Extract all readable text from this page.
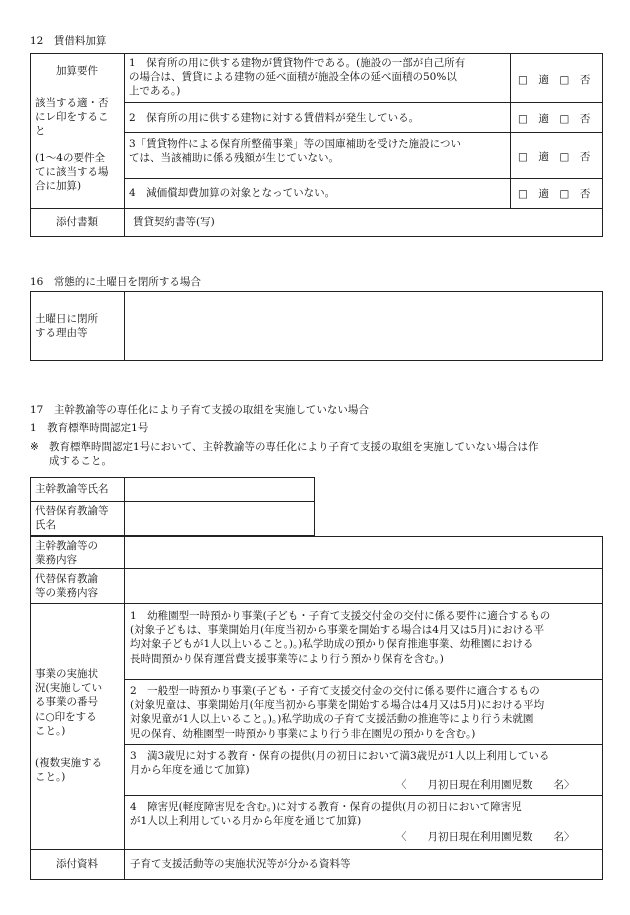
12　賃借料加算
加算要件
該当する適・否
にレ印をするこ
と
(1～4の要件全
てに該当する場
合に加算)
1　保育所の用に供する建物が賃貸物件である。(施設の一部が自己所有
の場合は、賃貸による建物の延べ面積が施設全体の延べ面積の50%以
上である。)
2　保育所の用に供する建物に対する賃借料が発生している。
3「賃貸物件による保育所整備事業」等の国庫補助を受けた施設につい
ては、当該補助に係る残額が生じていない。
4　減価償却費加算の対象となっていない。
□　適　□　否
□　適　□　否
□　適　□　否
□　適　□　否
添付書類	賃貸契約書等(写)
16　常態的に土曜日を閉所する場合
土曜日に閉所
する理由等
17　主幹教諭等の専任化により子育て支援の取組を実施していない場合
1　教育標準時間認定1号
※ 教育標準時間認定1号において、主幹教諭等の専任化により子育て支援の取組を実施していない場合は作
成すること。
主幹教諭等氏名
代替保育教諭等
氏名
主幹教諭等の
業務内容
代替保育教諭
等の業務内容
事業の実施状
況(実施してい
る事業の番号
に○印をする
こと。)
(複数実施する
こと。)
1　幼稚園型一時預かり事業(子ども・子育て支援交付金の交付に係る要件に適合するもの
(対象子どもは、事業開始月(年度当初から事業を開始する場合は4月又は5月)における平
均対象子どもが1人以上いること。)。)私学助成の預かり保育推進事業、幼稚園における
長時間預かり保育運営費支援事業等により行う預かり保育を含む。)
2　一般型一時預かり事業(子ども・子育て支援交付金の交付に係る要件に適合するもの
(対象児童は、事業開始月(年度当初から事業を開始する場合は4月又は5月)における平均
対象児童が1人以上いること。)。)私学助成の子育て支援活動の推進等により行う未就園
児の保育、幼稚園型一時預かり事業により行う非在園児の預かりを含む。)
3　満3歳児に対する教育・保育の提供(月の初日において満3歳児が1人以上利用している
月から年度を通じて加算)
〈　　月初日現在利用園児数　　名〉
4　障害児(軽度障害児を含む。)に対する教育・保育の提供(月の初日において障害児
が1人以上利用している月から年度を通じて加算)
〈　　月初日現在利用園児数　　名〉
添付資料	子育て支援活動等の実施状況等が分かる資料等
